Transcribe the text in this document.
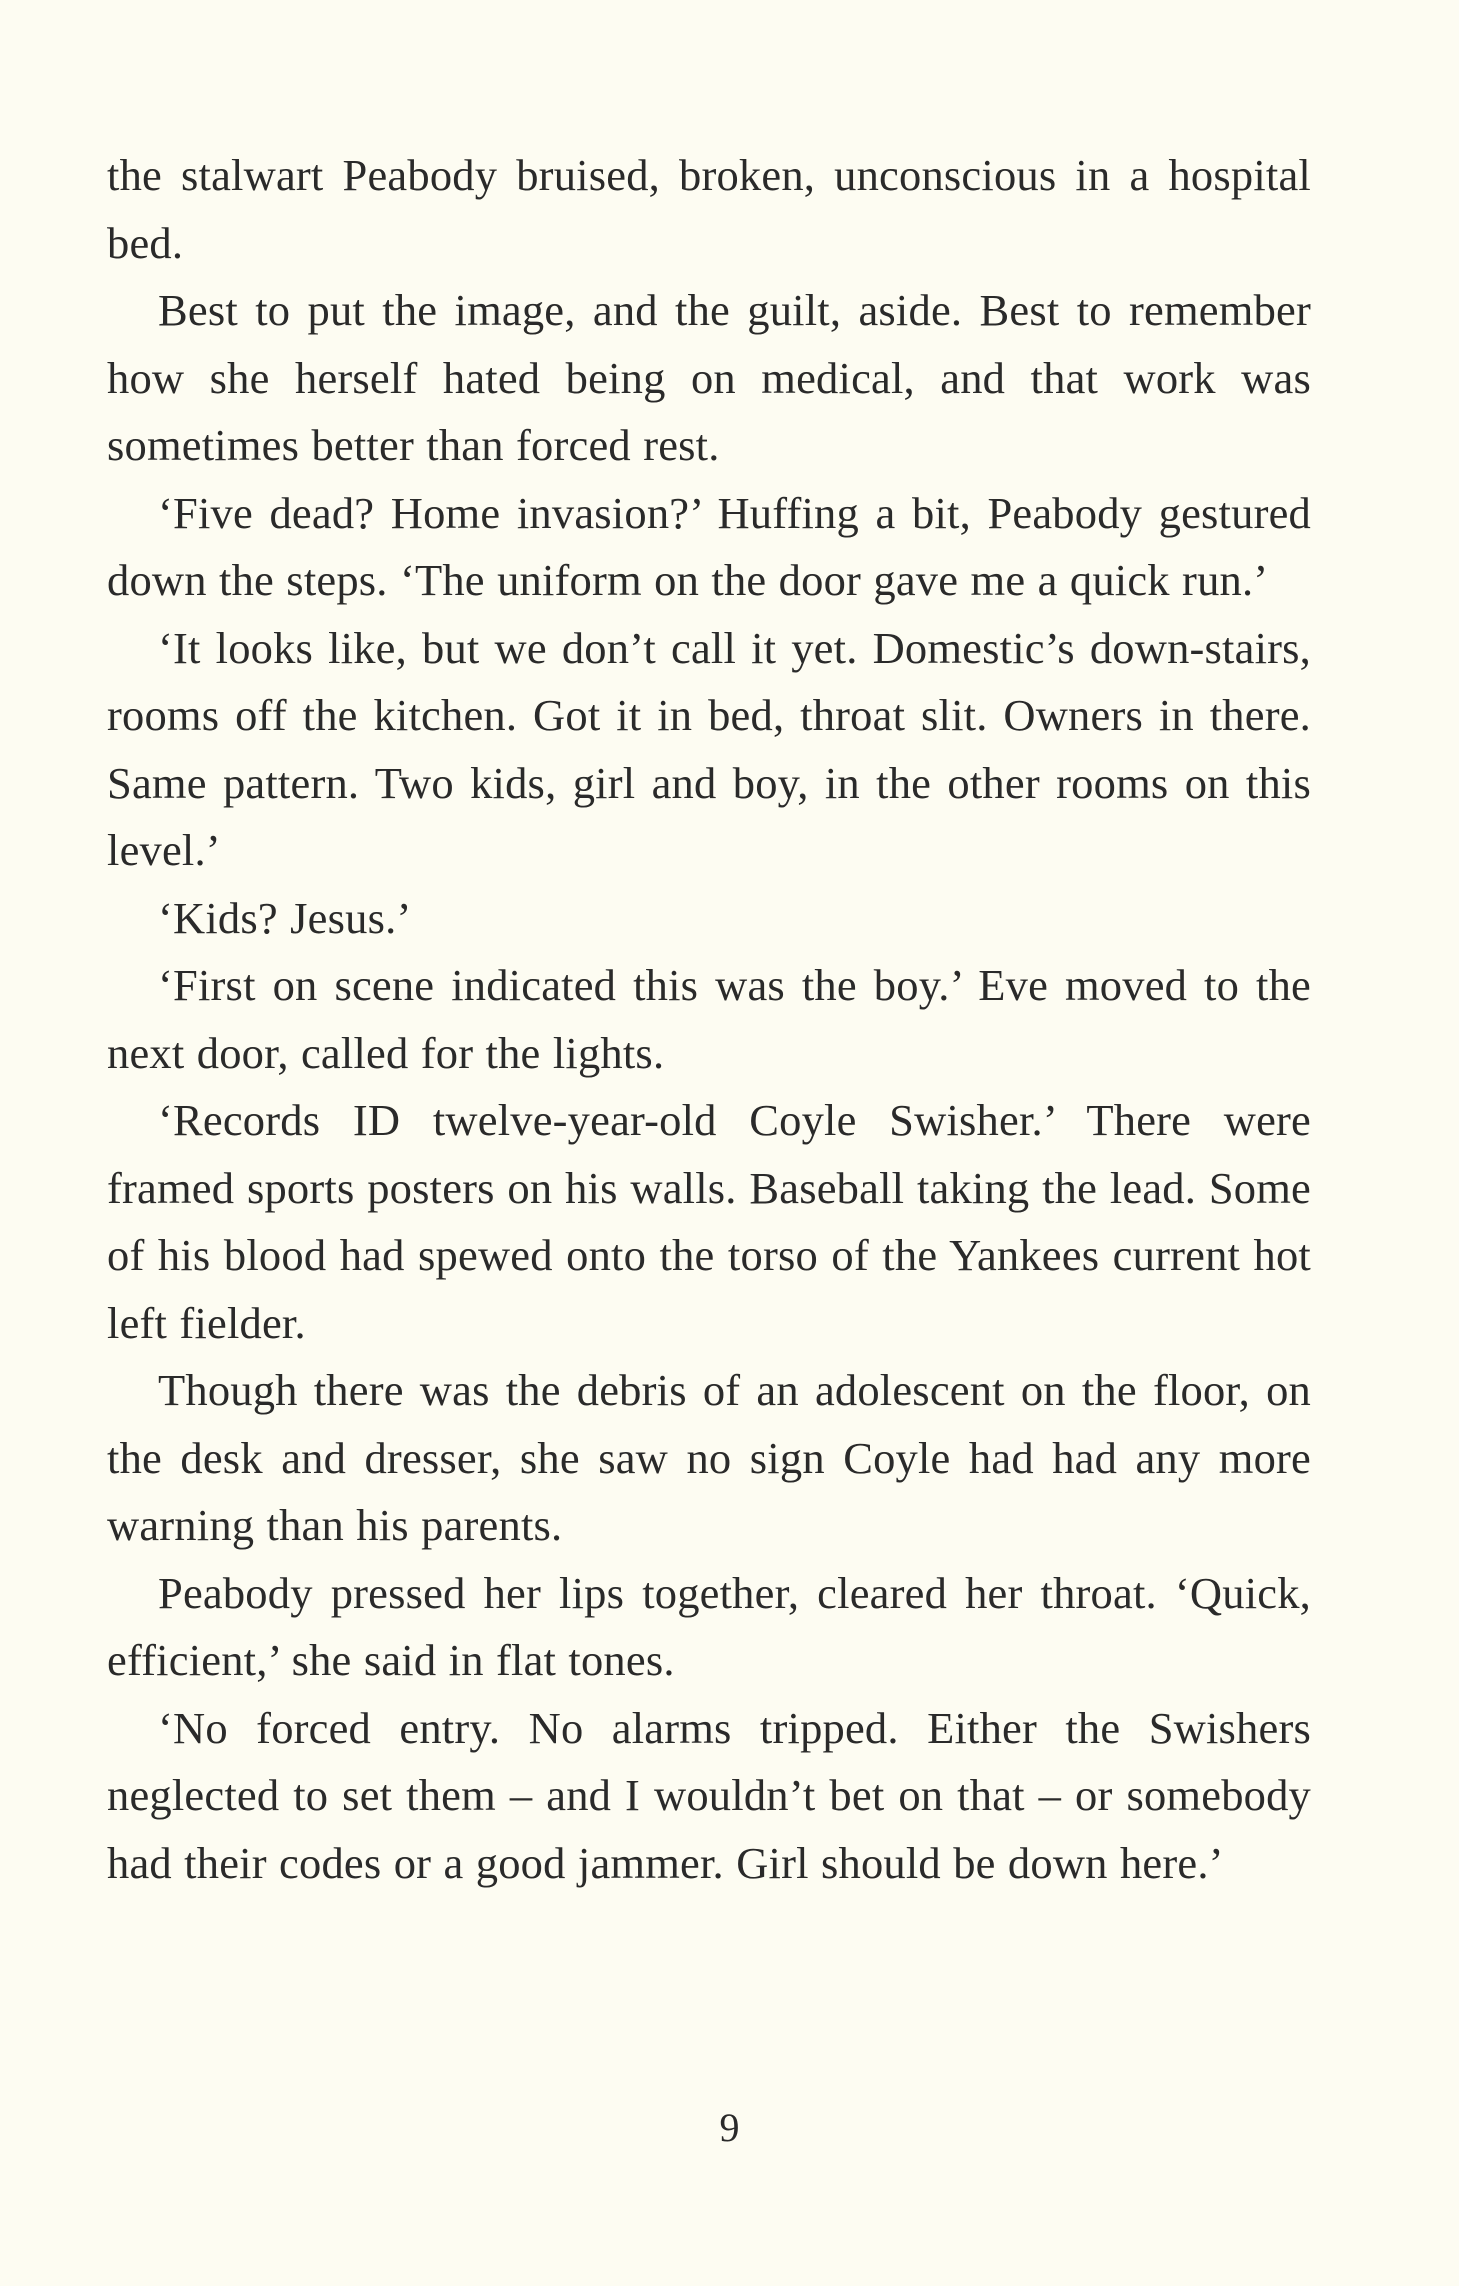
the stalwart Peabody bruised, broken, unconscious in a hospital bed.

Best to put the image, and the guilt, aside. Best to remember how she herself hated being on medical, and that work was sometimes better than forced rest.

‘Five dead? Home invasion?’ Huffing a bit, Peabody gestured down the steps. ‘The uniform on the door gave me a quick run.’

‘It looks like, but we don’t call it yet. Domestic’s down-stairs, rooms off the kitchen. Got it in bed, throat slit. Owners in there. Same pattern. Two kids, girl and boy, in the other rooms on this level.’

‘Kids? Jesus.’

‘First on scene indicated this was the boy.’ Eve moved to the next door, called for the lights.

‘Records ID twelve-year-old Coyle Swisher.’ There were framed sports posters on his walls. Baseball taking the lead. Some of his blood had spewed onto the torso of the Yankees current hot left fielder.

Though there was the debris of an adolescent on the floor, on the desk and dresser, she saw no sign Coyle had had any more warning than his parents.

Peabody pressed her lips together, cleared her throat. ‘Quick, efficient,’ she said in flat tones.

‘No forced entry. No alarms tripped. Either the Swishers neglected to set them – and I wouldn’t bet on that – or somebody had their codes or a good jammer. Girl should be down here.’

9
